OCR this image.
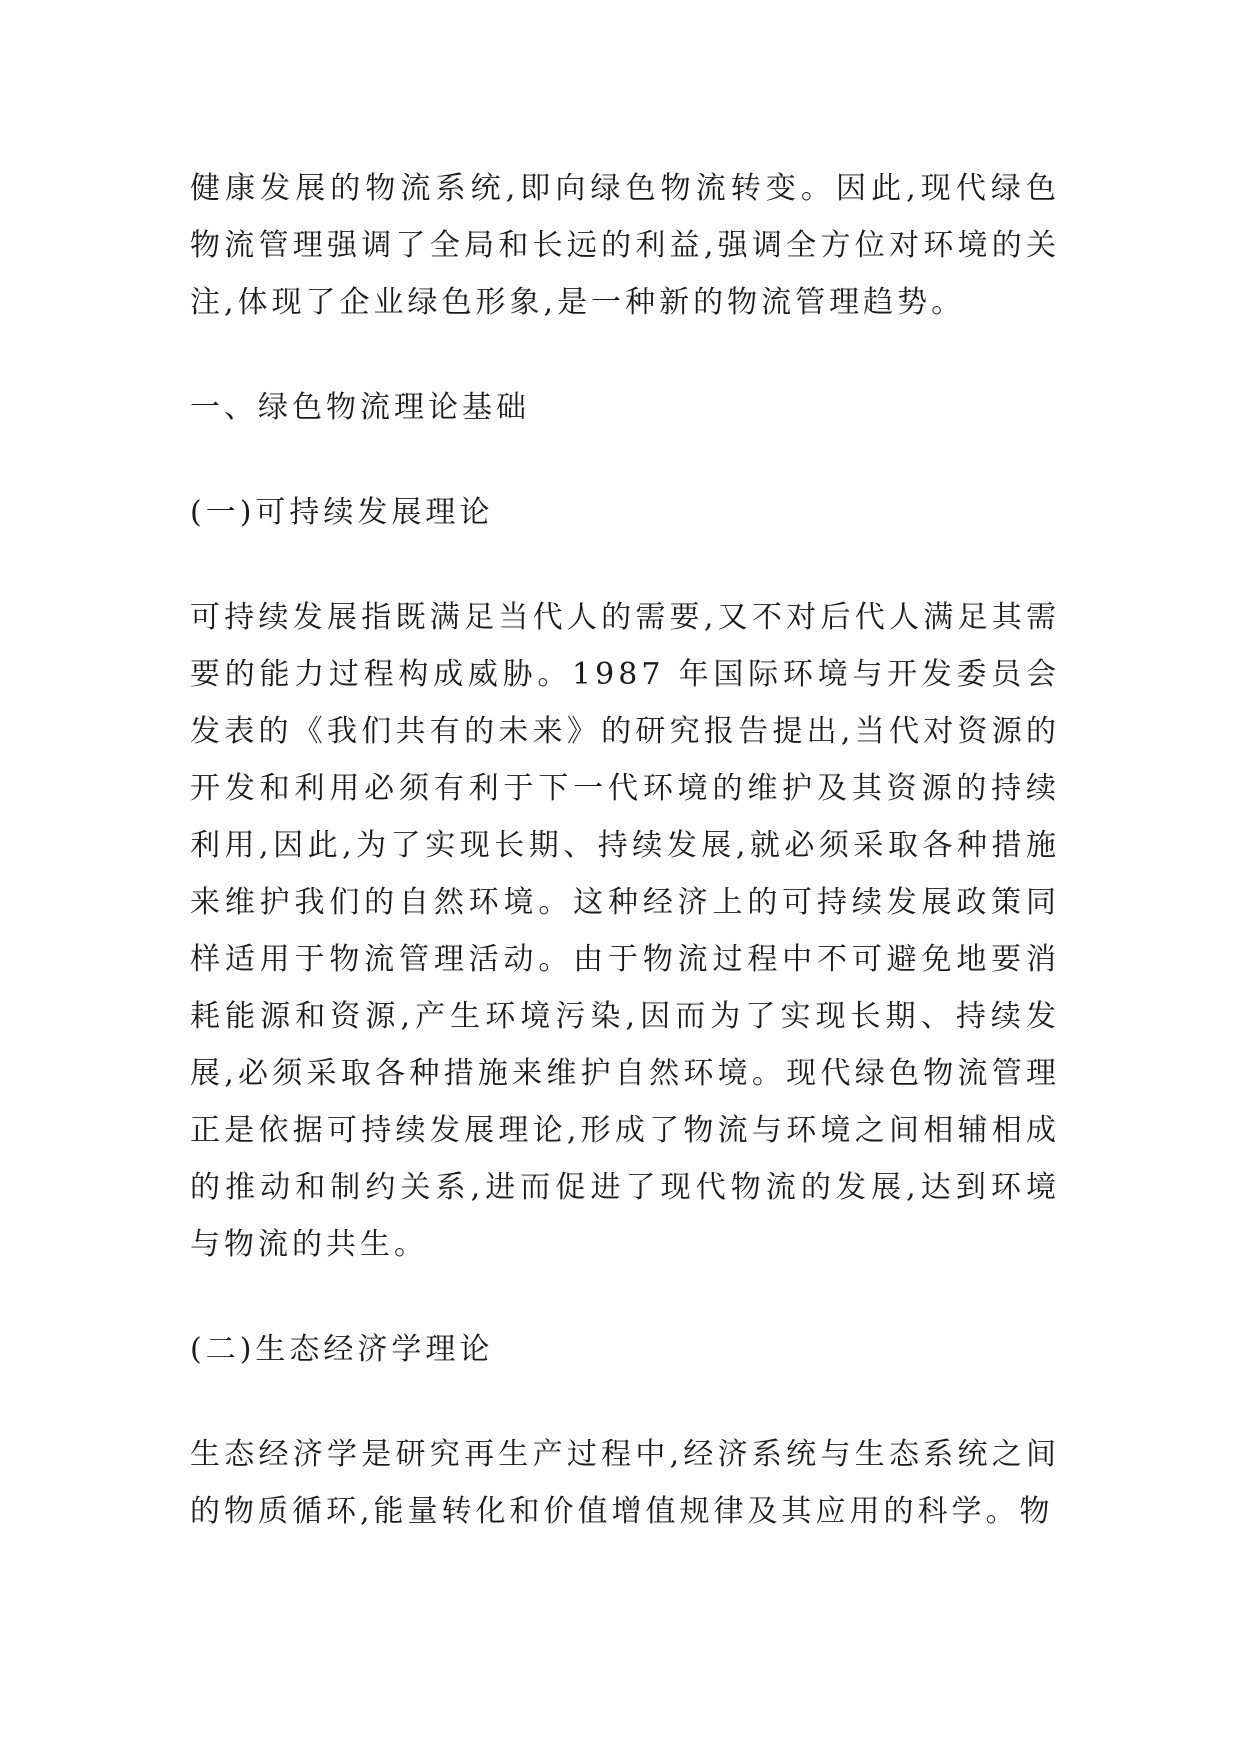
健康发展的物流系统,即向绿色物流转变。因此,现代绿色物流管理强调了全局和长远的利益,强调全方位对环境的关注,体现了企业绿色形象,是一种新的物流管理趋势。

一、绿色物流理论基础
(一)可持续发展理论

可持续发展指既满足当代人的需要,又不对后代人满足其需要的能力过程构成威胁。1987 年国际环境与开发委员会发表的《我们共有的未来》的研究报告提出,当代对资源的开发和利用必须有利于下一代环境的维护及其资源的持续利用,因此,为了实现长期、持续发展,就必须采取各种措施来维护我们的自然环境。这种经济上的可持续发展政策同样适用于物流管理活动。由于物流过程中不可避免地要消耗能源和资源,产生环境污染,因而为了实现长期、持续发展,必须采取各种措施来维护自然环境。现代绿色物流管理正是依据可持续发展理论,形成了物流与环境之间相辅相成的推动和制约关系,进而促进了现代物流的发展,达到环境与物流的共生。

(二)生态经济学理论

生态经济学是研究再生产过程中,经济系统与生态系统之间的物质循环,能量转化和价值增值规律及其应用的科学。物
